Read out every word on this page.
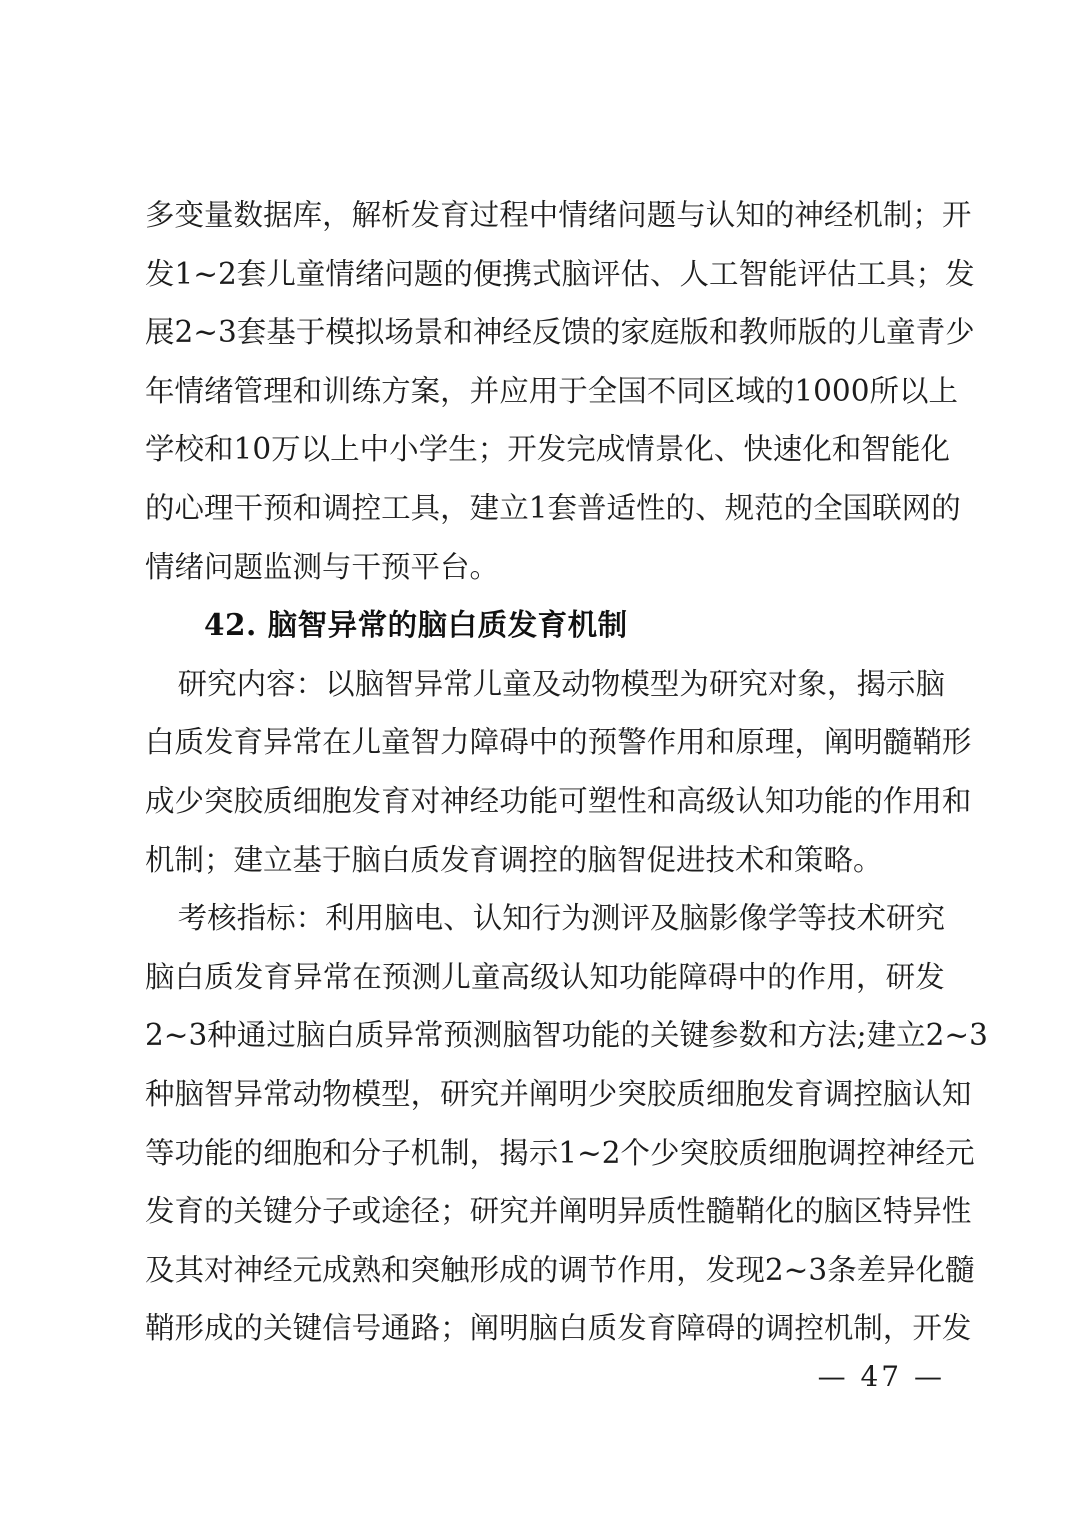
多 变 量 数 据 库 ， 解 析 发 育 过 程 中 情 绪 问 题 与 认 知 的 神 经 机 制 ； 开
发 1 ~ 2 套 儿 童 情 绪 问 题 的 便 携 式 脑 评 估 、 人 工 智 能 评 估 工 具 ； 发
展 2 ~ 3 套 基 于 模 拟 场 景 和 神 经 反 馈 的 家 庭 版 和 教 师 版 的 儿 童 青 少
年 情 绪 管 理 和 训 练 方 案 ， 并 应 用 于 全 国 不 同 区 域 的 1 0 0 0 所 以 上
学 校 和 1 0 万 以 上 中 小 学 生 ； 开 发 完 成 情 景 化 、 快 速 化 和 智 能 化
的 心 理 干 预 和 调 控 工 具 ， 建 立 1 套 普 适 性 的 、 规 范 的 全 国 联 网 的
情绪问题监测与干预平台。
42. 脑智异常的脑白质发育机制
研 究 内 容 ： 以 脑 智 异 常 儿 童 及 动 物 模 型 为 研 究 对 象 ， 揭 示 脑
白 质 发 育 异 常 在 儿 童 智 力 障 碍 中 的 预 警 作 用 和 原 理 ， 阐 明 髓 鞘 形
成 少 突 胶 质 细 胞 发 育 对 神 经 功 能 可 塑 性 和 高 级 认 知 功 能 的 作 用 和
机制；建立基于脑白质发育调控的脑智促进技术和策略。
考 核 指 标 ： 利 用 脑 电 、 认 知 行 为 测 评 及 脑 影 像 学 等 技 术 研 究
脑 白 质 发 育 异 常 在 预 测 儿 童 高 级 认 知 功 能 障 碍 中 的 作 用 ， 研 发
2 ~ 3 种 通 过 脑 白 质 异 常 预 测 脑 智 功 能 的 关 键 参 数 和 方 法 ; 建 立 2 ~ 3
种 脑 智 异 常 动 物 模 型 ， 研 究 并 阐 明 少 突 胶 质 细 胞 发 育 调 控 脑 认 知
等 功 能 的 细 胞 和 分 子 机 制 ， 揭 示 1 ~ 2 个 少 突 胶 质 细 胞 调 控 神 经 元
发 育 的 关 键 分 子 或 途 径 ； 研 究 并 阐 明 异 质 性 髓 鞘 化 的 脑 区 特 异 性
及 其 对 神 经 元 成 熟 和 突 触 形 成 的 调 节 作 用 ， 发 现 2 ~ 3 条 差 异 化 髓
鞘 形 成 的 关 键 信 号 通 路 ； 阐 明 脑 白 质 发 育 障 碍 的 调 控 机 制 ， 开 发
— 47 —
